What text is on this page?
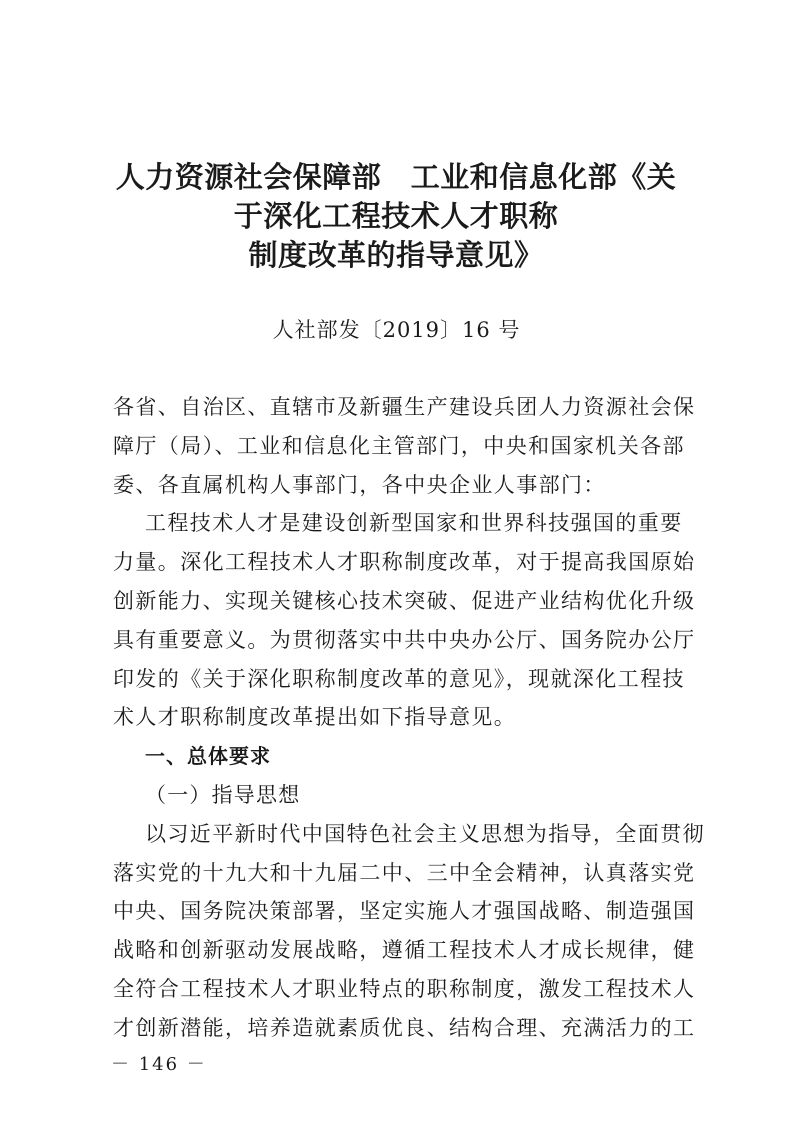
人力资源社会保障部　工业和信息化部《关
于深化工程技术人才职称
制度改革的指导意见》
人社部发〔2019〕16 号
各省、自治区、直辖市及新疆生产建设兵团人力资源社会保
障厅（局）、工业和信息化主管部门，中央和国家机关各部
委、各直属机构人事部门，各中央企业人事部门：
工程技术人才是建设创新型国家和世界科技强国的重要
力量。深化工程技术人才职称制度改革，对于提高我国原始
创新能力、实现关键核心技术突破、促进产业结构优化升级
具有重要意义。为贯彻落实中共中央办公厅、国务院办公厅
印发的《关于深化职称制度改革的意见》，现就深化工程技
术人才职称制度改革提出如下指导意见。
一、总体要求
（一）指导思想
以习近平新时代中国特色社会主义思想为指导，全面贯彻
落实党的十九大和十九届二中、三中全会精神，认真落实党
中央、国务院决策部署，坚定实施人才强国战略、制造强国
战略和创新驱动发展战略，遵循工程技术人才成长规律，健
全符合工程技术人才职业特点的职称制度，激发工程技术人
才创新潜能，培养造就素质优良、结构合理、充满活力的工
－ 146 －
